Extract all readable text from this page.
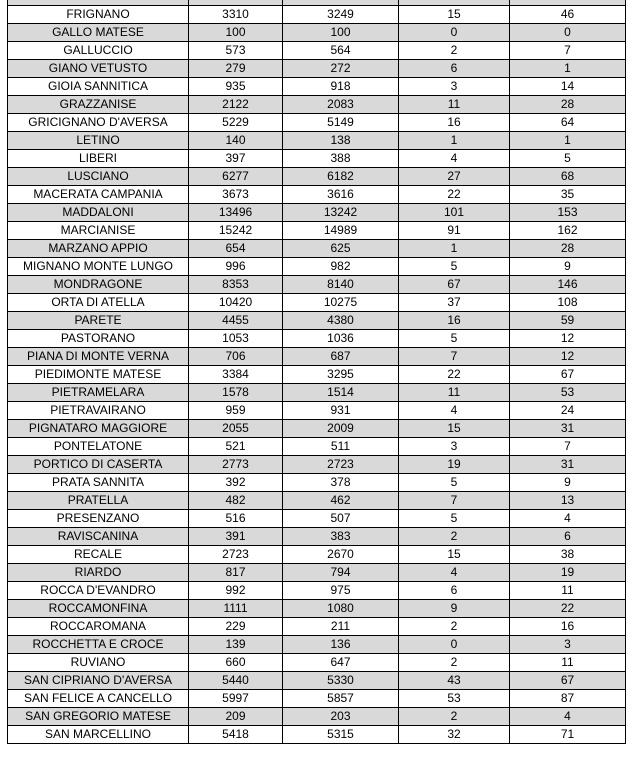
FRIGNANO	3310	3249	15	46
GALLO MATESE	100	100	0	0
GALLUCCIO	573	564	2	7
GIANO VETUSTO	279	272	6	1
GIOIA SANNITICA	935	918	3	14
GRAZZANISE	2122	2083	11	28
GRICIGNANO D'AVERSA	5229	5149	16	64
LETINO	140	138	1	1
LIBERI	397	388	4	5
LUSCIANO	6277	6182	27	68
MACERATA CAMPANIA	3673	3616	22	35
MADDALONI	13496	13242	101	153
MARCIANISE	15242	14989	91	162
MARZANO APPIO	654	625	1	28
MIGNANO MONTE LUNGO	996	982	5	9
MONDRAGONE	8353	8140	67	146
ORTA DI ATELLA	10420	10275	37	108
PARETE	4455	4380	16	59
PASTORANO	1053	1036	5	12
PIANA DI MONTE VERNA	706	687	7	12
PIEDIMONTE MATESE	3384	3295	22	67
PIETRAMELARA	1578	1514	11	53
PIETRAVAIRANO	959	931	4	24
PIGNATARO MAGGIORE	2055	2009	15	31
PONTELATONE	521	511	3	7
PORTICO DI CASERTA	2773	2723	19	31
PRATA SANNITA	392	378	5	9
PRATELLA	482	462	7	13
PRESENZANO	516	507	5	4
RAVISCANINA	391	383	2	6
RECALE	2723	2670	15	38
RIARDO	817	794	4	19
ROCCA D'EVANDRO	992	975	6	11
ROCCAMONFINA	1111	1080	9	22
ROCCAROMANA	229	211	2	16
ROCCHETTA E CROCE	139	136	0	3
RUVIANO	660	647	2	11
SAN CIPRIANO D'AVERSA	5440	5330	43	67
SAN FELICE A CANCELLO	5997	5857	53	87
SAN GREGORIO MATESE	209	203	2	4
SAN MARCELLINO	5418	5315	32	71
